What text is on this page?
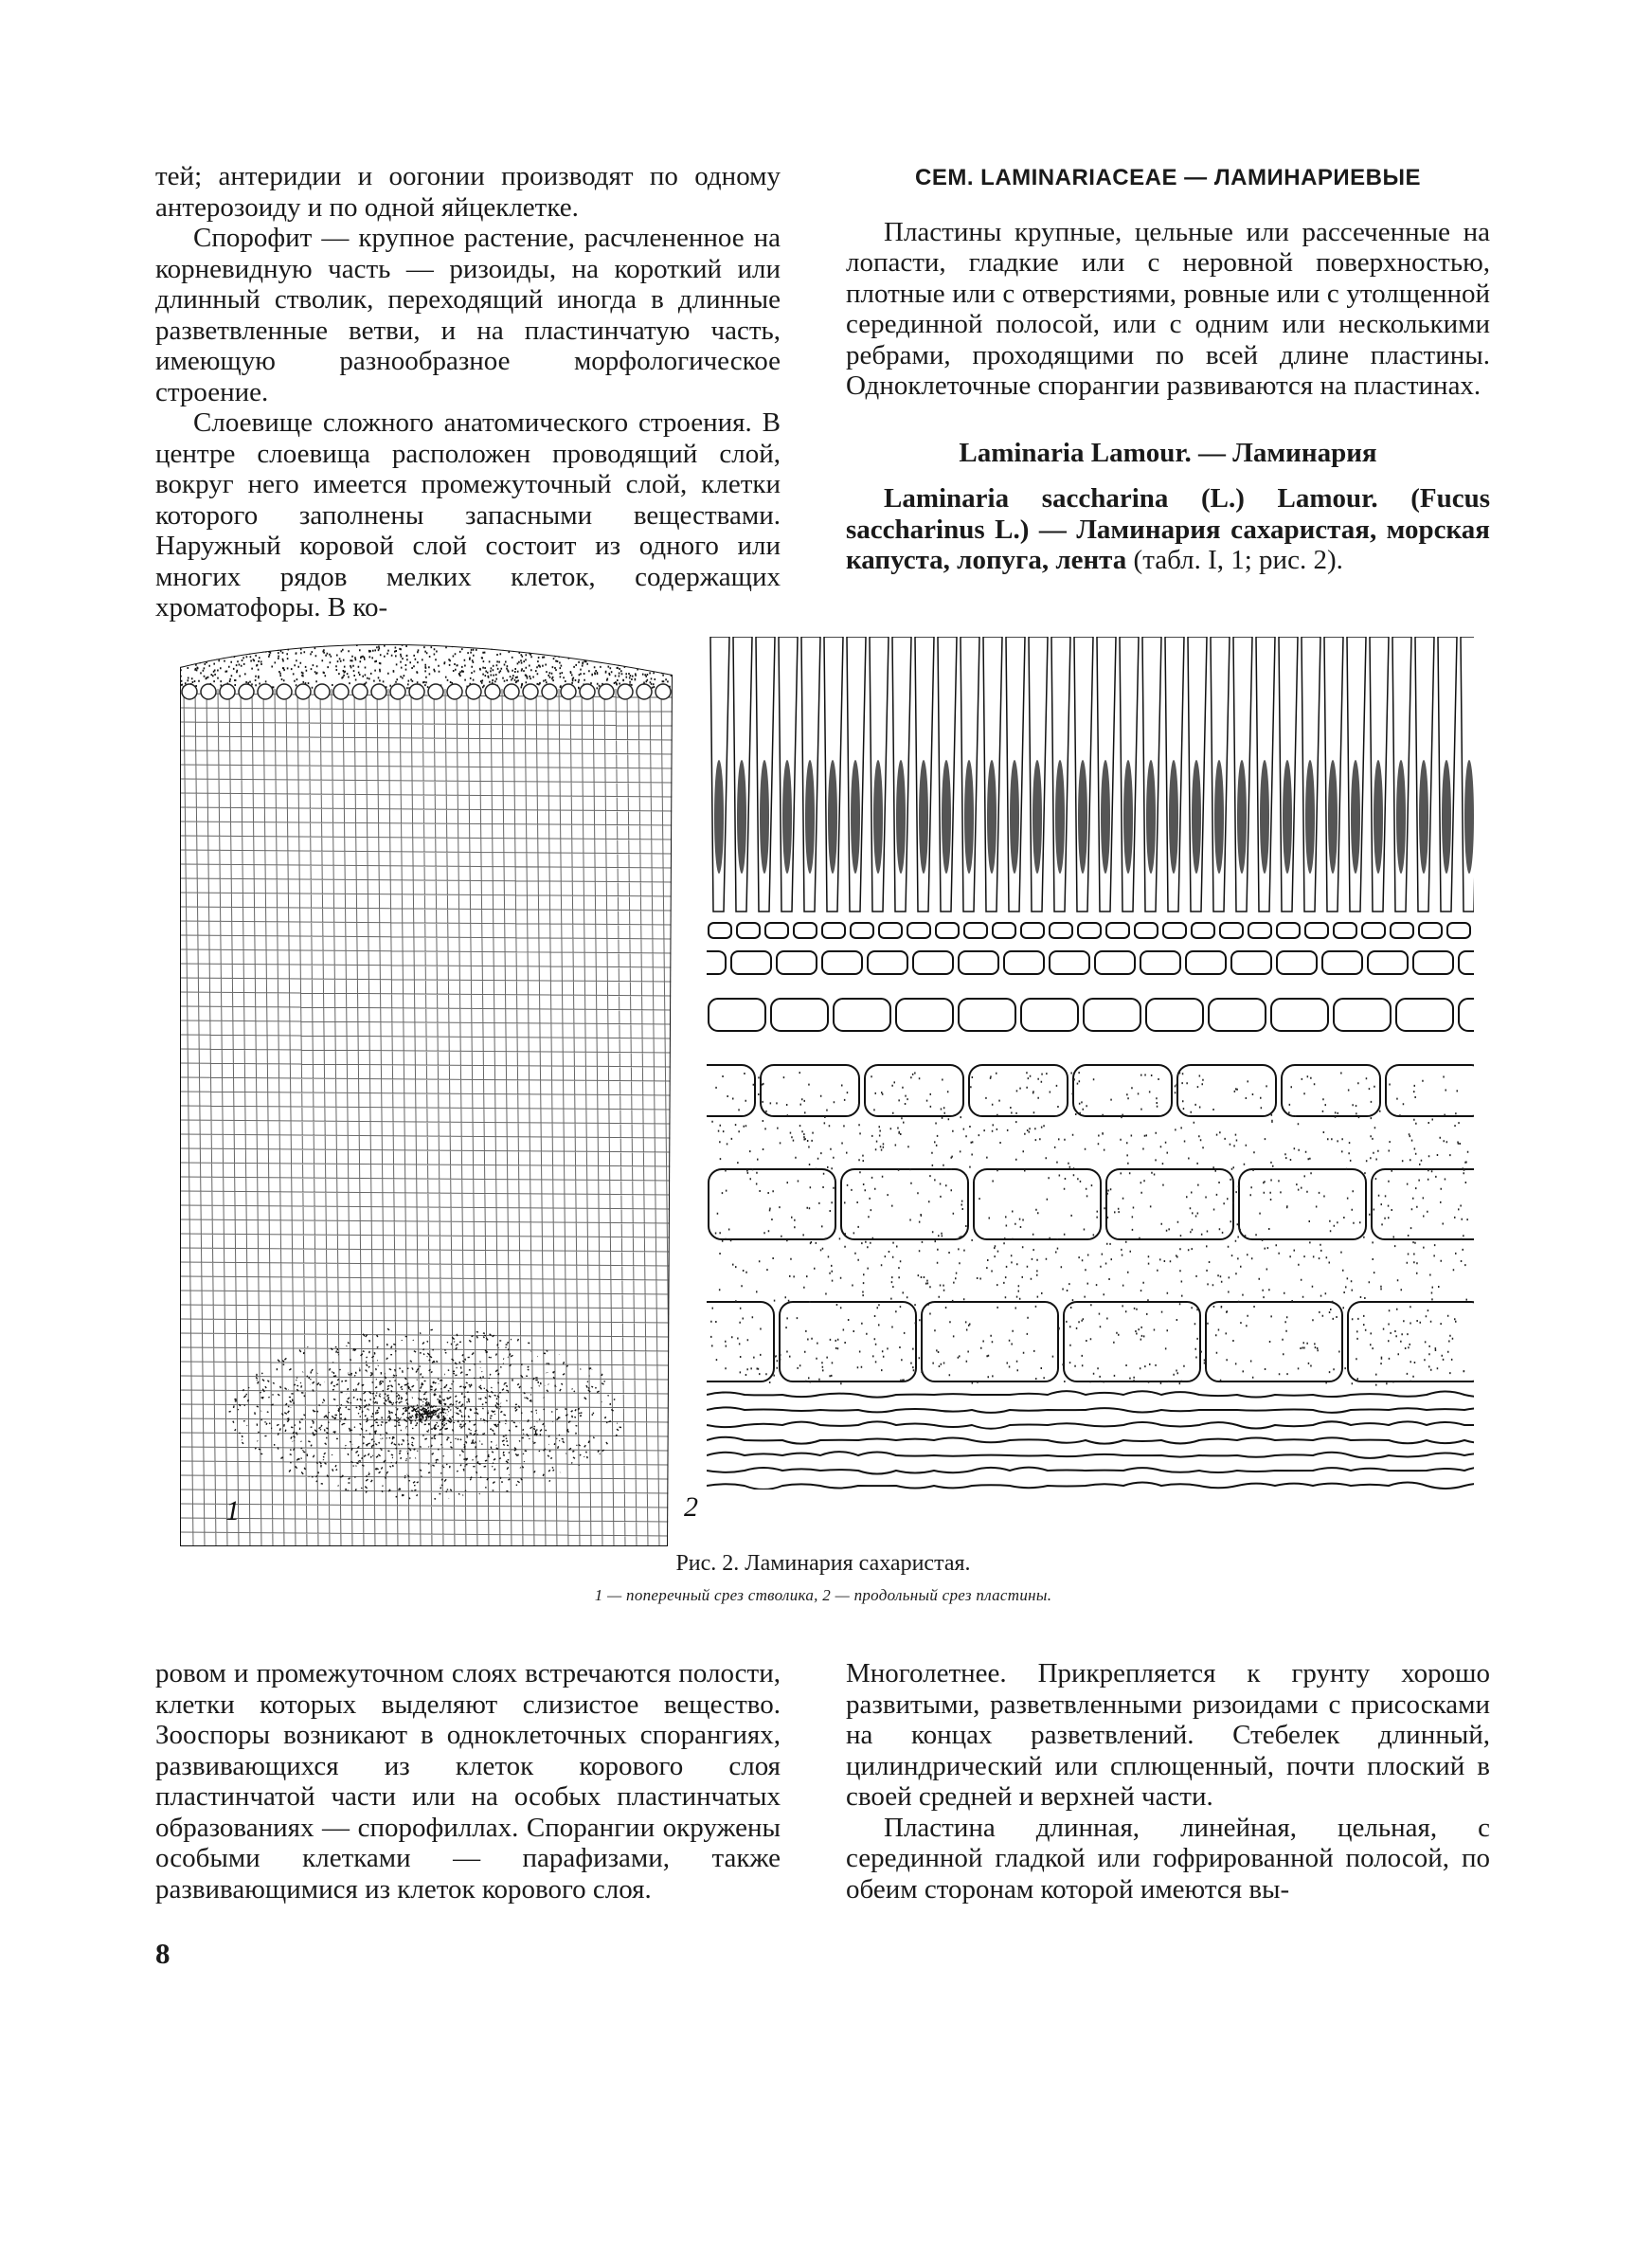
тей; антеридии и оогонии производят по одному антерозоиду и по одной яйцеклетке.

Спорофит — крупное растение, расчлененное на корневидную часть — ризоиды, на короткий или длинный стволик, переходящий иногда в длинные разветвленные ветви, и на пластинчатую часть, имеющую разнообразное морфологическое строение.

Слоевище сложного анатомического строения. В центре слоевища расположен проводящий слой, вокруг него имеется промежуточный слой, клетки которого заполнены запасными веществами. Наружный коровой слой состоит из одного или многих рядов мелких клеток, содержащих хроматофоры. В ко-

СЕМ. LAMINARIACEAE — ЛАМИНАРИЕВЫЕ

Пластины крупные, цельные или рассеченные на лопасти, гладкие или с неровной поверхностью, плотные или с отверстиями, ровные или с утолщенной серединной полосой, или с одним или несколькими ребрами, проходящими по всей длине пластины. Одноклеточные спорангии развиваются на пластинах.

Laminaria Lamour. — Ламинария

Laminaria saccharina (L.) Lamour. (Fucus saccharinus L.) — Ламинария сахаристая, морская капуста, лопуга, лента (табл. I, 1; рис. 2).

1	2
Рис. 2. Ламинария сахаристая.
1 — поперечный срез стволика, 2 — продольный срез пластины.

ровом и промежуточном слоях встречаются полости, клетки которых выделяют слизистое вещество. Зооспоры возникают в одноклеточных спорангиях, развивающихся из клеток корового слоя пластинчатой части или на особых пластинчатых образованиях — спорофиллах. Спорангии окружены особыми клетками — парафизами, также развивающимися из клеток корового слоя.

Многолетнее. Прикрепляется к грунту хорошо развитыми, разветвленными ризоидами с присосками на концах разветвлений. Стебелек длинный, цилиндрический или сплющенный, почти плоский в своей средней и верхней части.

Пластина длинная, линейная, цельная, с серединной гладкой или гофрированной полосой, по обеим сторонам которой имеются вы-

8
